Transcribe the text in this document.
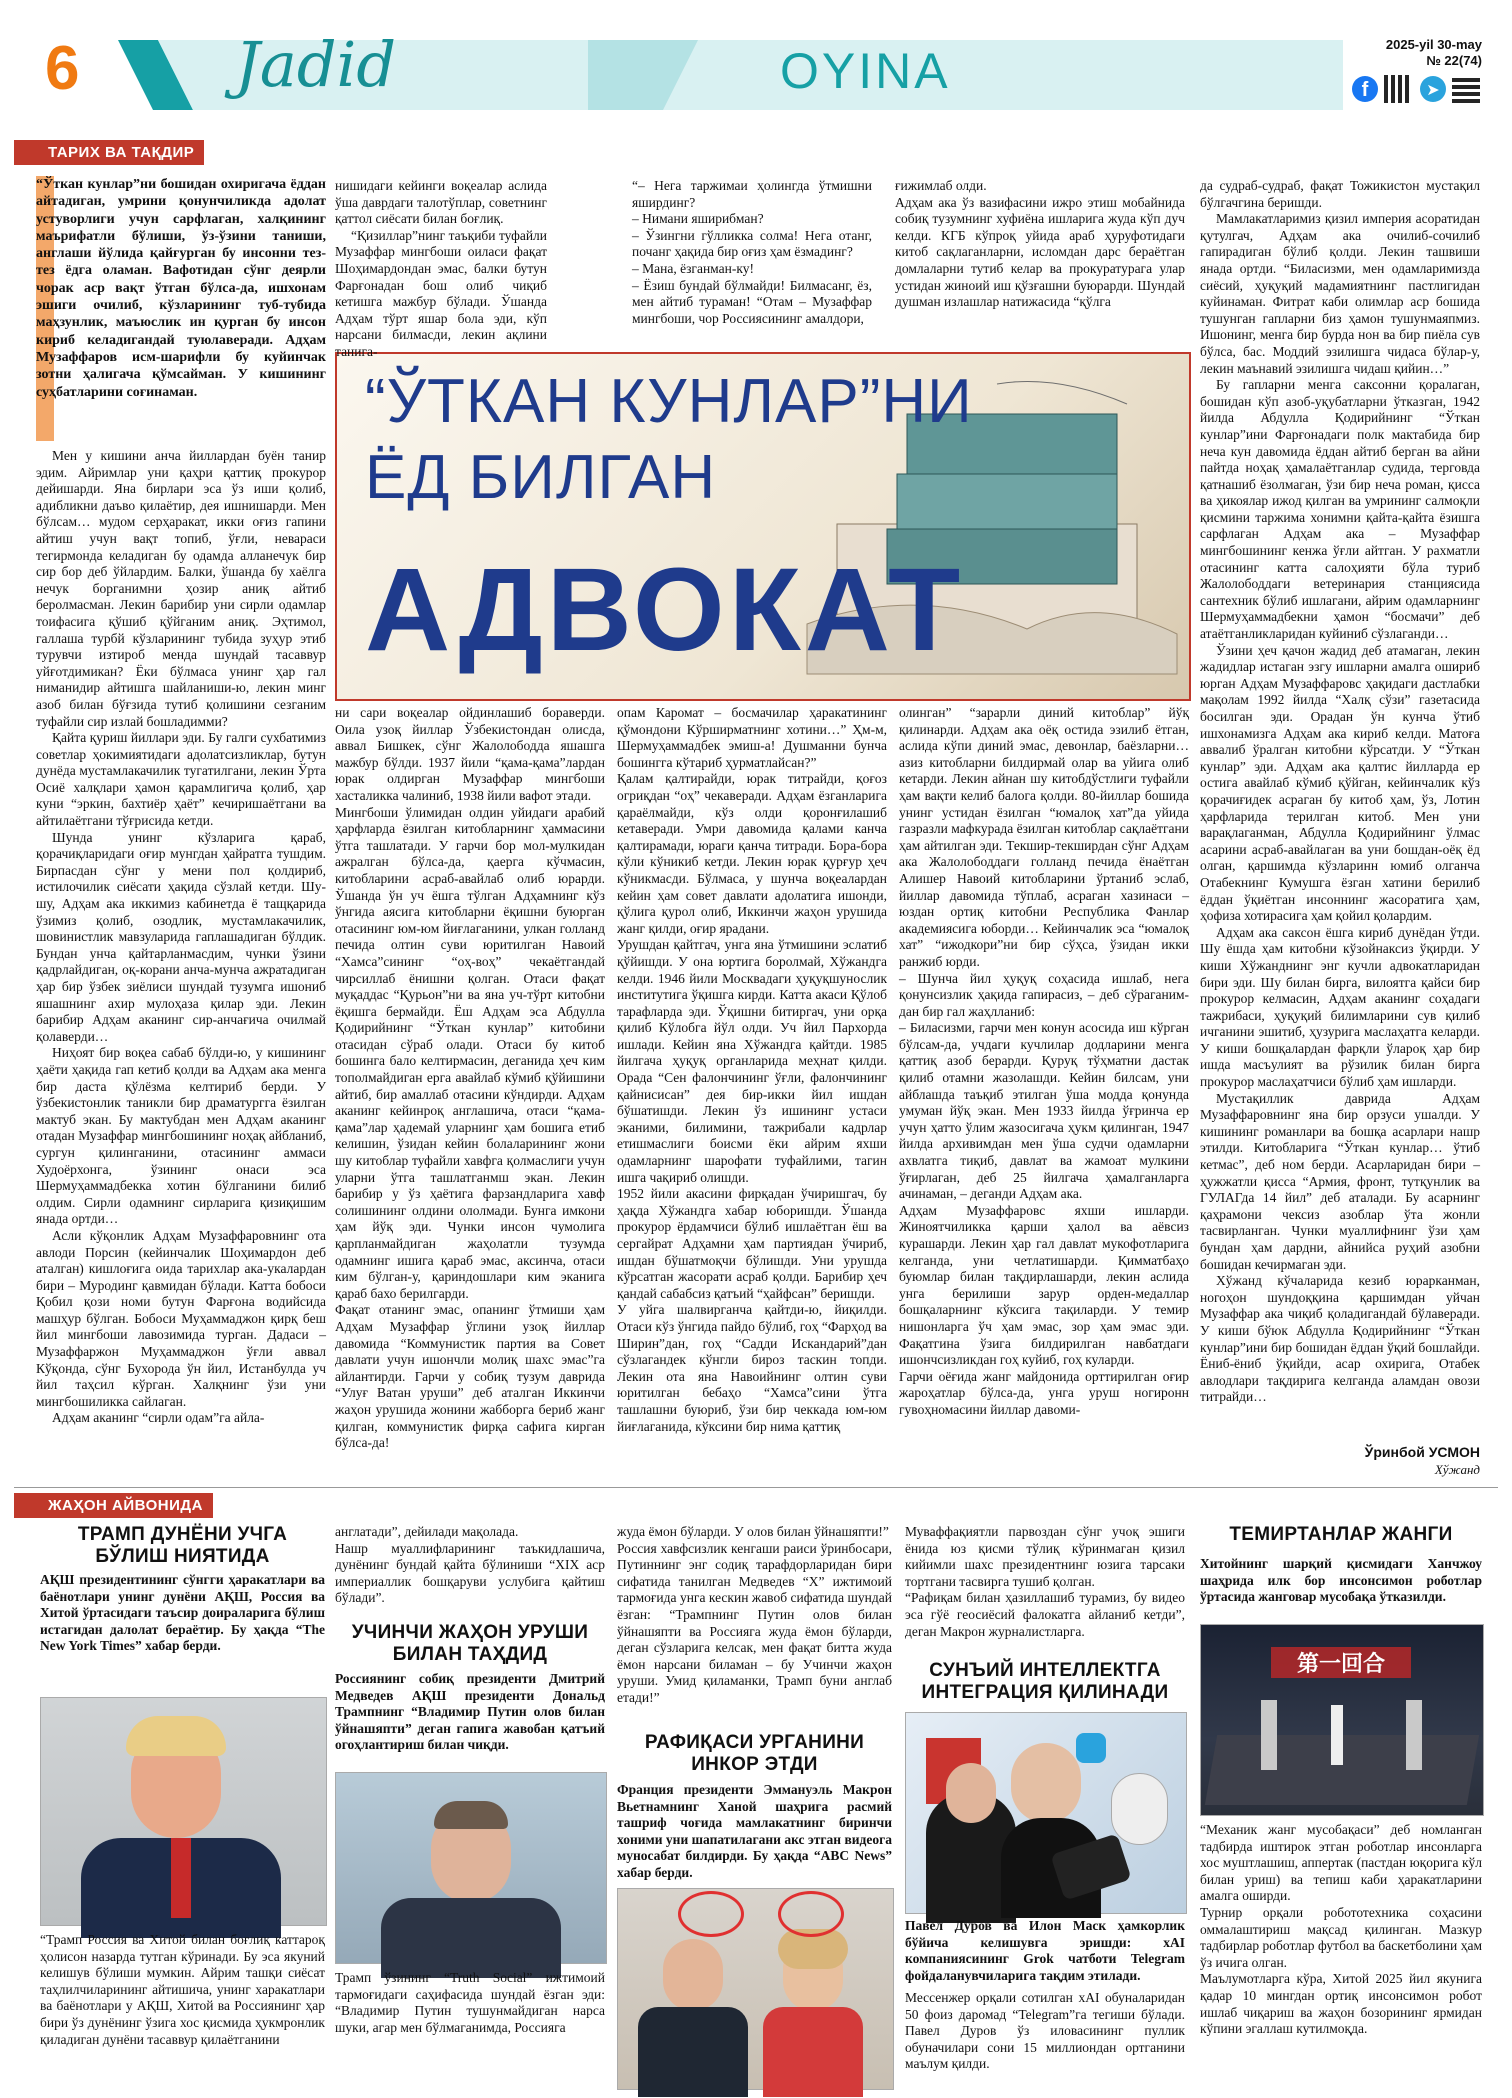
6	Jadid	OYINA	2025-yil 30-may
№ 22(74)
f	➤
ТАРИХ ВА ТАҚДИР
“Ўткан кунлар”ни бошидан охиригача ёддан айтадиган, умрини қонунчиликда адолат устуворлиги учун сарфлаган, халқининг маърифатли бўлиши, ўз-ўзини таниши, англаши йўлида қайғурган бу инсонни тез-тез ёдга оламан. Вафотидан сўнг деярли чорак аср вақт ўтган бўлса-да, ишхонам эшиги очилиб, кўзларининг туб-тубида маҳзунлик, маъюслик ин қурган бу инсон кириб келадигандай туюлаверади. Адҳам Музаффаров исм-шарифли бу куйинчак зотни ҳалигача қўмсайман. У кишининг суҳбатларини соғинаман.	“ЎТКАН КУНЛАР”НИ
ЁД БИЛГАН
АДВОКАТ
нишидаги кейинги воқеалар аслида ўша даврдаги талотўплар, советнинг қаттол сиёсати билан боғлиқ.
“Қизиллар”нинг таъқиби туфайли Музаффар мингбоши оиласи фақат Шоҳимардондан эмас, балки бутун Фарғонадан бош олиб чиқиб кетишга мажбур бўлади. Ўшанда Адҳам тўрт яшар бола эди, кўп нарсани билмасди, лекин ақлини танига-
“– Нега таржимаи ҳолингда ўтмишни яширдинг?
– Нимани яширибман?
– Ўзингни гўлликка солма! Нега отанг, почанг ҳақида бир оғиз ҳам ёзмадинг?
– Мана, ёзганман-ку!
– Ёзиш бундай бўлмайди! Билмасанг, ёз, мен айтиб тураман! “Отам – Музаффар мингбоши, чор Россиясининг амалдори,
ғижимлаб олди.
Адҳам ака ўз вазифасини ижро этиш мобайнида собиқ тузумнинг хуфиёна ишларига жуда кўп дуч келди. КГБ кўпроқ уйида араб ҳуруфотидаги китоб сақлаганларни, исломдан дарс бераётган домлаларни тутиб келар ва прокуратурага улар устидан жиноий иш қўзғашни буюрарди. Шундай душман излашлар натижасида “қўлга

Мен у кишини анча йиллардан буён танир эдим. Айримлар уни қаҳри қаттиқ прокурор дейишарди. Яна бирлари эса ўз иши қолиб, адибликни даъво қилаётир, дея ишнишарди. Мен бўлсам… мудом серҳаракат, икки оғиз гапини айтиш учун вақт топиб, ўғли, невараси тегирмонда келадиган бу одамда алланечук бир сир бор деб ўйлардим. Балки, ўшанда бу хаёлга нечук борганимни ҳозир аниқ айтиб беролмасман. Лекин барибир уни сирли одамлар тоифасига қўшиб қўйганим аниқ. Эҳтимол, галлаша турбй кўзларининг тубида зуҳур этиб турувчи изтироб менда шундай тасаввур уйғотдимикан? Ёки бўлмаса унинг ҳар гал ниманидир айтишга шайланиши-ю, лекин минг азоб билан бўғзида тутиб қолишини сезганим туфайли сир излай бошладимми?

Қайта қуриш йиллари эди. Бу галги сухбатимиз советлар ҳокимиятидаги адолатсизликлар, бутун дунёда мустамлакачилик тугатилгани, лекин Ўрта Осиё халқлари ҳамон қарамлигича қолиб, ҳар куни “эркин, бахтиёр ҳаёт” кечиришаётгани ва айтилаётгани тўғрисида кетди.

Шунда унинг кўзларига қараб, қорачиқларидаги оғир мунгдан ҳайратга тушдим. Бирпасдан сўнг у мени пол қолдириб, истилочилик сиёсати ҳақида сўзлай кетди. Шу-шу, Адҳам ака иккимиз кабинетда ё тащқарида ўзимиз қолиб, озодлик, мустамлакачилик, шовинистлик мавзуларида гаплашадиган бўлдик. Бундан унча қайтарланмасдим, чунки ўзини қадрлайдиган, оқ-корани анча-мунча ажратадиган ҳар бир ўзбек зиёлиси шундай тузумга ишониб яшашнинг ахир мулоҳаза қилар эди. Лекин барибир Адҳам аканинг сир-анчағича очилмай қолаверди…

Ниҳоят бир воқеа сабаб бўлди-ю, у кишининг ҳаёти ҳақида гап кетиб қолди ва Адҳам ака менга бир даста қўлёзма келтириб берди. У ўзбекистонлик таникли бир драматургга ёзилган мактуб экан. Бу мактубдан мен Адҳам аканинг отадан Музаффар мингбошининг ноҳақ айбланиб, сургун қилинганини, отасининг аммаси Худоёрхонга, ўзининг онаси эса Шермуҳаммадбекка хотин бўлганини билиб олдим. Сирли одамнинг сирларига қизиқишим янада ортди…

Асли кўқонлик Адҳам Музаффаровнинг ота авлоди Порсин (кейинчалик Шоҳимардон деб аталган) кишлоғига оида тарихлар ака-укалардан бири – Муродинг қавмидан бўлади. Катта бобоси Қобил қози номи бутун Фарғона водийсида машҳур бўлган. Бобоси Муҳаммаджон қирқ беш йил мингбоши лавозимида турган. Дадаси – Музаффаржон Муҳаммаджон ўғли аввал Кўқонда, сўнг Бухорода ўн йил, Истанбулда уч йил таҳсил кўрган. Халқнинг ўзи уни мингбошиликка сайлаган.

Адҳам аканинг “сирли одам”га айла-

ни сари воқеалар ойдинлашиб бораверди. Оила узоқ йиллар Ўзбекистондан олисда, аввал Бишкек, сўнг Жалолободда яшашга мажбур бўлди. 1937 йили “қама-қама”лардан юрак олдирган Музаффар мингбоши хасталикка чалиниб, 1938 йили вафот этади.
Мингбоши ўлимидан олдин уйидаги арабий ҳарфларда ёзилган китобларнинг ҳаммасини ўтга ташлатади. У гарчи бор мол-мулкидан ажралган бўлса-да, қаерга кўчмасин, китобларини асраб-авайлаб олиб юрарди. Ўшанда ўн уч ёшга тўлган Адҳамнинг кўз ўнгида аясига китобларни ёқишни буюрган отасининг юм-юм йиғлаганини, улкан голланд печида олтин суви юритилган Навоий “Хамса”сининг “оҳ-воҳ” чекаётгандай чирсиллаб ёнишни қолган. Отаси фақат муқаддас “Қурьон”ни ва яна уч-тўрт китобни ёқишга бермайди. Ёш Адҳам эса Абдулла Қодирийнинг “Ўткан кунлар” китобини отасидан сўраб олади. Отаси бу китоб бошинга бало келтирмасин, деганида ҳеч ким тополмайдиган ерга авайлаб кўмиб қўйишини айтиб, бир амаллаб отасини кўндирди. Адҳам аканинг кейинроқ англашича, отаси “қама-қама”лар ҳадемай уларнинг ҳам бошига етиб келишин, ўзидан кейин болаларининг жони шу китоблар туфайли хавфга қолмаслиги учун уларни ўтга ташлатганмш экан. Лекин барибир у ўз ҳаётига фарзандларига хавф солишининг олдини ололмади. Бунга имкони ҳам йўқ эди. Чунки инсон чумолига қарпланмайдиган жаҳолатли тузумда одамнинг ишига қараб эмас, аксинча, отаси ким бўлган-у, қариндошлари ким эканига қараб бахо берилгарди.
Фақат отанинг эмас, опанинг ўтмиши ҳам Адҳам Музаффар ўглини узоқ йиллар давомида “Коммунистик партия вa Совет давлати учун ишончли молиқ шахс эмас”га айлантирди. Гарчи у собиқ тузум даврида “Улуғ Ватан уруши” деб аталган Иккинчи жаҳон урушида жонини жабборга бериб жанг қилган, коммунистик фирқа сафига кирган бўлса-да!
опам Каромат – босмачилар ҳаракатининг қўмондони Кўрширматнинг хотини…” Ҳм-м, Шермуҳаммадбек эмиш-а! Душманни бунча бошингга кўтариб ҳурматлайсан?”
Қалам қалтирайди, юрак титрайди, қоғоз огриқдан “оҳ” чекаверади. Адҳам ёзганларига қараёлмайди, кўз олди қоронғилашиб кетаверади. Умри давомида қалами канча қалтирамади, юраги қанча титради. Бора-бора кўли кўникиб кетди. Лекин юрак қурғур ҳеч кўникмасди. Бўлмаса, у шунча воқеалардан кейин ҳам совет давлати адолатига ишонди, қўлига қурол олиб, Иккинчи жаҳон урушида жанг қилди, оғир ярадани.
Урушдан қайтгач, унга яна ўтмишини эслатиб қўйишди. У она юртига боролмай, Хўжандга келди. 1946 йили Москвадаги ҳуқуқшунослик институтига ўқишга кирди. Катта акаси Қўлоб тарафларда эди. Ўқишни битиргач, уни орқа қилиб Кўлобга йўл олди. Уч йил Пархорда ишлади. Кейин яна Хўжандга қайтди. 1985 йилгача ҳуқуқ органларида меҳнат қилди. Орада “Сен фалончининг ўғли, фалончининг қайнисисан” дея бир-икки йил ишдан бўшатишди. Лекин ўз ишининг устаси эканими, билимини, тажрибали кадрлар етишмаслиги боисми ёки айрим яхши одамларнинг шарофати туфайлими, тагин ишга чақириб олишди.
1952 йили акасини фирқадан ўчиришгач, бу ҳақда Хўжандга хабар юборишди. Ўшанда прокурор ёрдамчиси бўлиб ишлаётган ёш ва сергайрат Адҳамни ҳам партиядан ўчириб, ишдан бўшатмоқчи бўлишди. Уни урушда кўрсатган жасорати асраб қолди. Барибир ҳеч қандай сабабсиз қатъий “ҳайфсан” беришди.
У уйга шалвирганча қайтди-ю, йиқилди. Отаси кўз ўнгида пайдо бўлиб, гоҳ “Фарҳод ва Ширин”дан, гоҳ “Садди Искандарий”дан сўзлагандек кўнгли бирoз таскин топди. Лекин ота яна Навоийнинг олтин суви юритилган бебаҳо “Хамса”сини ўтга ташлашни буюриб, ўзи бир чеккада юм-юм йиғлаганида, кўксини бир нима қаттиқ
олинган” “зарарли диний китоблар” йўқ қилинарди. Адҳам ака оёқ остида эзилиб ётган, аслида кўпи диний эмас, девонлар, баёзларни… азиз китобларни билдирмай олар ва уйига олиб кетарди. Лекин айнан шу китобдўстлиги туфайли ҳам вақти келиб балога қолди. 80-йиллар бошида унинг устидан ёзилган “юмалоқ хат”да уйида газразли мафкурада ёзилган китоблар сақлаётгани ҳам айтилган эди. Текшир-текширдан сўнг Адҳам ака Жалолободдаги голланд печида ёнаётган Алишер Навоий китобларини ўртаниб эслаб, йиллар давомида тўплаб, асраган хазинаси – юздан ортиқ китобни Республика Фанлар академиясига юборди… Кейинчалик эса “юмалоқ хат” “ижодкори”ни бир сўҳса, ўзидан икки ранжиб юрди.
– Шунча йил ҳуқуқ соҳасида ишлаб, нега қонунсизлик ҳақида гапирасиз, – деб сўраганимдан бир гал жаҳлланиб:
– Биласизми, гарчи мен конун асосида иш кўрган бўлсам-да, учдаги кучлилар додларини менга қаттиқ азоб берарди. Қуруқ тўҳматни дастак қилиб отамни жазолашди. Кейин билсам, уни айблашда таъқиб этилган ўша модда қонунда умуман йўқ экан. Мен 1933 йилда ўғринча ер учун ҳатто ўлим жазосигача ҳукм қилинган, 1947 йилда архивимдан мен ўша судчи одамларни ахвлатга тиқиб, давлат ва жамоат мулкини ўғирлаган, деб 25 йилгача ҳамалганларга ачинаман, – деганди Адҳам ака.
Адҳам Музаффаровс яхши ишларди. Жиноятчиликка қарши ҳалол ва аёвсиз курашарди. Лекин ҳар гал давлат мукофотларига келганда, уни четлатишарди. Қимматбаҳо буюмлар билан тақдирлашарди, лекин аслида унга берилиши зарур орден-медаллар бошқаларнинг кўксига тақиларди. У темир нишонларга ўч ҳам эмас, зор ҳам эмас эди. Фақатгина ўзига билдирилган навбатдаги ишончсизликдан гоҳ куйиб, гоҳ куларди.
Гарчи оёғида жанг майдонида орттирилган оғир жароҳатлар бўлса-да, унга уруш ногиронн гувоҳномасини йиллар давоми-
да судраб-судраб, фақат Тожикистон мустақил бўлгачгина беришди.

Мамлакатларимиз қизил империя асоратидан қутулгач, Адҳам ака очилиб-сочилиб гапирадиган бўлиб қолди. Лекин ташвиши янада ортди. “Биласизми, мен одамларимизда сиёсий, ҳуқуқий мадамиятнинг пастлигидан куйинаман. Фитрат каби олимлар аср бошида тушунган гапларни биз ҳамон тушунмаяпмиз. Ишонинг, менга бир бурда нон ва бир пиёла сув бўлса, бас. Моддий эзилишга чидаса бўлар-у, лекин маънавий эзилишга чидаш қийин…”

Бу гапларни менга саксонни қоралаган, бошидан кўп азоб-уқубатларни ўтказган, 1942 йилда Абдулла Қодирийнинг “Ўткан кунлар”ини Фарғонадаги полк мактабида бир неча кун давомида ёддан айтиб берган ва айни пайтда ноҳақ ҳамалаётганлар судида, терговда қатнашиб ёзолмаган, ўзи бир неча роман, қисса ва ҳикоялар ижод қилган ва умрининг салмоқли қисмини таржима хонимни қайта-қайта ёзишга сарфлаган Адҳам ака – Музаффар мингбошининг кенжа ўғли айтган. У рахматли отасининг катта салоҳияти бўла туриб Жалолободдаги ветеринария станциясида сантехник бўлиб ишлагани, айрим одамларнинг Шермуҳаммадбекни ҳамон “босмачи” деб атаётганликларидан куйиниб сўзлаганди…

Ўзини ҳеч қачон жадид деб атамаган, лекин жадидлар истаган эзгу ишларни амалга ошириб юрган Адҳам Музаффаровс ҳақидаги дастлабки мақолам 1992 йилда “Халқ сўзи” газетасида босилган эди. Орадан ўн кунча ўтиб ишхонамизга Адҳам ака кириб келди. Матоға аввалиб ўралган китобни кўрсатди. У “Ўткан кунлар” эди. Адҳам ака қалтис йилларда ер остига авайлаб кўмиб қўйган, кейинчалик кўз қорачиғидек асраган бу китоб ҳам, ўз, Лотин ҳарфларида терилган китоб. Мен уни варақлаганман, Абдулла Қодирийнинг ўлмас асарини асраб-авайлаган ва уни бошдан-оёқ ёд олган, қаршимда кўзларинн юмиб олганча Отабекнинг Кумушга ёзган хатини берилиб ёддан ўқиётган инсоннинг жасоратига ҳам, ҳофиза хотирасига ҳам қойил қолардим.

Адҳам ака саксон ёшга кириб дунёдан ўтди. Шу ёшда ҳам китобни кўзойнаксиз ўқирди. У киши Хўжанднинг энг кучли адвокатларидан бири эди. Шу билан бирга, вилоятга қайси бир прокурор келмасин, Адҳам аканинг соҳадаги тажрибаси, ҳуқуқий билимларини сув қилиб ичганини эшитиб, ҳузурига маслаҳатга келарди. У киши бошқалардан фарқли ўлароқ ҳар бир ишда масъулият ва рўзилик билан бирга прокурор маслаҳатчиси бўлиб ҳам ишларди.

Мустақиллик даврида Адҳам Музаффаровнинг яна бир орзуси ушалди. У кишининг романлари ва бошқа асарлари нашр этилди. Китобларига “Ўткан кунлар… ўтиб кетмас”, деб ном берди. Асарларидан бири – ҳужжатли қисса “Армия, фронт, тутқунлик ва ГУЛАГда 14 йил” деб аталади. Бу асарнинг қаҳрамони чексиз азоблар ўта жонли тасвирланган. Чунки муаллифнинг ўзи ҳам бундан ҳам дардни, айнийса руҳий азобни бошидан кечирмаган эди.

Хўжанд кўчаларида кезиб юрарканман, ногоҳон шундоққина қаршимдан уйчан Музаффар ака чиқиб қоладигандай бўлаверади. У киши бўюк Абдулла Қодирийнинг “Ўткан кунлар”ини бир бошидан ёддан ўқий бошлайди. Ёниб-ёниб ўқийди, асар охирига, Отабек авлодлари тақдирига келганда аламдан овози титрайди…

Ўринбой УСМОН
Хўжанд
ЖАҲОН АЙВОНИДА
ТРАМП ДУНЁНИ УЧГА БЎЛИШ НИЯТИДА
АҚШ президентининг сўнгги ҳаракатлари ва баёнотлари унинг дунёни АҚШ, Россия ва Хитой ўртасидаги таъсир доираларига бўлиш истагидан далолат бераётир. Бу ҳақда “The New York Times” хабар берди.
“Трамп Россия ва Хитой билан боғлиқ каттароқ ҳолисон назарда тутган кўринади. Бу эса якуний келишув бўлиши мумкин. Айрим ташқи сиёсат таҳлилчиларининг айтишича, унинг харакатлари ва баёнотлари у АҚШ, Хитой ва Россиянинг ҳар бири ўз дунёнинг ўзига хос қисмида ҳукмронлик қиладиган дунёни тасаввур қилаётганини
англатади”, дейилади мақолада.
Нашр муаллифларининг таъкидлашича, дунёнинг бундай қайта бўлиниши “XIX аср империаллик бошқаруви услубига қайтиш бўлади”.
УЧИНЧИ ЖАҲОН УРУШИ БИЛАН ТАҲДИД
Россиянинг собиқ президенти Дмитрий Медведев АҚШ президенти Дональд Трампнинг “Владимир Путин олов билан ўйнашяпти” деган гапига жавобан қатъий огоҳлантириш билан чиқди.
Трамп ўзининг “Truth Social” ижтимоий тармоғидаги саҳифасида шундай ёзган эди: “Владимир Путин тушунмайдиган нарса шуки, агар мен бўлмаганимда, Россияга
жуда ёмон бўларди. У олов билан ўйнашяпти!”
Россия хавфсизлик кенгаши раиси ўринбосари, Путиннинг энг содиқ тарафдорларидан бири сифатида танилган Медведев “X” ижтимоий тармоғида унга кескин жавоб сифатида шундай ёзган: “Трампнинг Путин олов билан ўйнашяпти ва Россияга жуда ёмон бўларди, деган сўзларига келсак, мен фақат битта жуда ёмон нарсани биламан – бу Учинчи жаҳон уруши. Умид қиламанки, Трамп буни англаб етади!”
РАФИҚАСИ УРГАНИНИ ИНКОР ЭТДИ
Франция президенти Эммануэль Макрон Вьетнамнинг Ханой шаҳрига расмий ташриф чоғида мамлакатнинг биринчи хоними уни шапатилагани акс этган видеога муносабат билдирди. Бу ҳақда “ABC News” хабар берди.
Муваффақиятли парвоздан сўнг учоқ эшиги ёнида юз қисми тўлиқ кўринмаган қизил кийимли шахс президентнинг юзига тарсаки тортгани тасвирга тушиб қолган.
“Рафиқам билан ҳазиллашиб турамиз, бу видео эса гўё геосиёсий фалокатга айланиб кетди”, деган Макрон журналистларга.
СУНЪИЙ ИНТЕЛЛЕКТГА ИНТЕГРАЦИЯ ҚИЛИНАДИ
Павел Дуров ва Илон Маск ҳамкорлик бўйича келишувга эришди: xAI компаниясининг Grok чатботи Telegram фойдаланувчиларига тақдим этилади.
Мессенжер орқали сотилган xAI обуналаридан 50 фоиз даромад “Telegram”га тегиши бўлади. Павел Дуров ўз иловасининг пуллик обуначилари сони 15 миллиондан ортганини маълум қилди.
ТЕМИРТАНЛАР ЖАНГИ
Хитойнинг шарқий қисмидаги Ханчжоу шаҳрида илк бор инсонсимон роботлар ўртасида жанговар мусобақа ўтказилди.
第一回合
“Механик жанг мусобақаси” деб номланган тадбирда иштирок этган роботлар инсонларга хос муштлашиш, аппертак (пастдан юқорига кўл билан уриш) ва тепиш каби ҳаракатларини амалга оширди.
Турнир орқали робототехника соҳасини оммалаштириш мақсад қилинган. Мазкур тадбирлар роботлар футбол ва баскетболини ҳам ўз ичига олган.
Маълумотларга кўра, Хитой 2025 йил якунига қадар 10 мингдан ортиқ инсонсимон робот ишлаб чиқариш ва жаҳон бозорининг ярмидан кўпини эгаллаш кутилмоқда.
